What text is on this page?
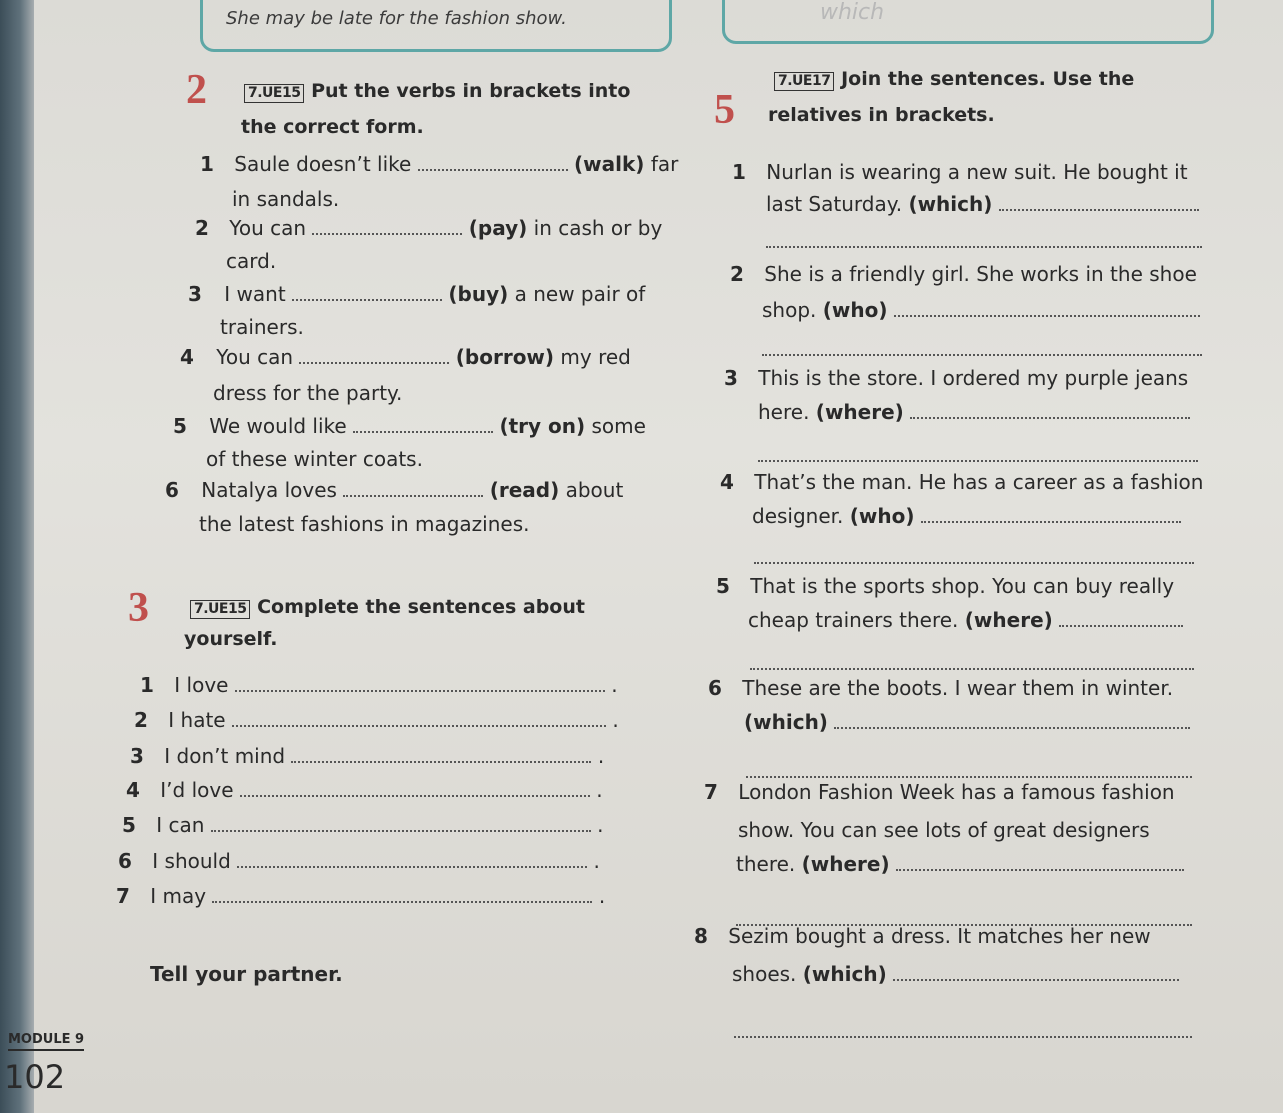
She may be late for the fashion show.	which
2	7.UE15 Put the verbs in brackets into
the correct form.
1 Saule doesn’t like	(walk) far
in sandals.
2 You can	(pay) in cash or by
card.
3 I want	(buy) a new pair of
trainers.
4 You can	(borrow) my red
dress for the party.
5 We would like	(try on) some
of these winter coats.
6 Natalya loves	(read) about
the latest fashions in magazines.
3	7.UE15 Complete the sentences about
yourself.
1 I love	.
2 I hate	.
3 I don’t mind	.
4 I’d love	.
5 I can	.
6 I should	.
7 I may	.
Tell your partner.
5
7.UE17 Join the sentences. Use the
relatives in brackets.
1 Nurlan is wearing a new suit. He bought it
last Saturday. (which)
2 She is a friendly girl. She works in the shoe
shop. (who)
3 This is the store. I ordered my purple jeans
here. (where)
4 That’s the man. He has a career as a fashion
designer. (who)
5 That is the sports shop. You can buy really
cheap trainers there. (where)
6 These are the boots. I wear them in winter.
(which)
7 London Fashion Week has a famous fashion
show. You can see lots of great designers
there. (where)
8 Sezim bought a dress. It matches her new
shoes. (which)
MODULE 9
102
